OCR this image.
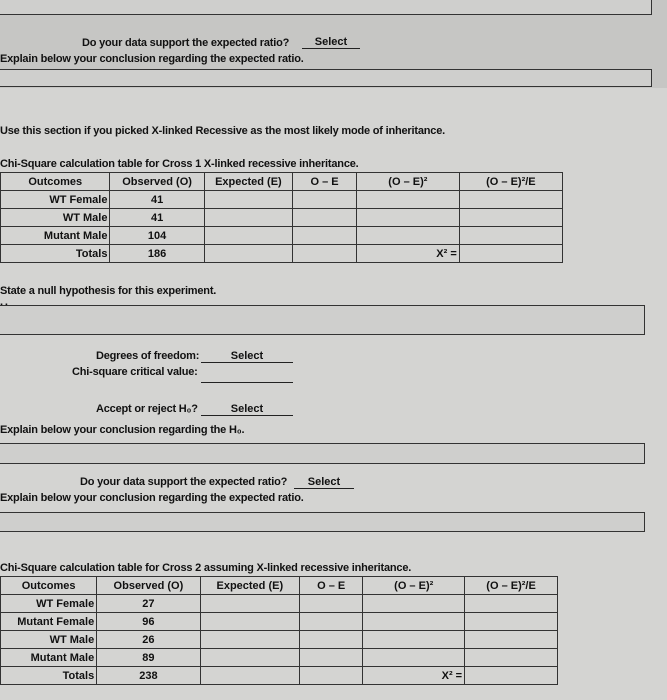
Do your data support the expected ratio?	Select
Explain below your conclusion regarding the expected ratio.
Use this section if you picked X-linked Recessive as the most likely mode of inheritance.
Chi-Square calculation table for Cross 1 X-linked recessive inheritance.
Outcomes	Observed (O)	Expected (E)	O – E	(O – E)²	(O – E)²/E
WT Female	41				
WT Male	41				
Mutant Male	104				
Totals	186			X² =	
State a null hypothesis for this experiment.
Degrees of freedom:	Select
Chi-square critical value:
Accept or reject H₀?	Select
Explain below your conclusion regarding the H₀.
Do your data support the expected ratio?	Select
Explain below your conclusion regarding the expected ratio.
Chi-Square calculation table for Cross 2 assuming X-linked recessive inheritance.
Outcomes	Observed (O)	Expected (E)	O – E	(O – E)²	(O – E)²/E
WT Female	27				
Mutant Female	96				
WT Male	26				
Mutant Male	89				
Totals	238			X² =	
